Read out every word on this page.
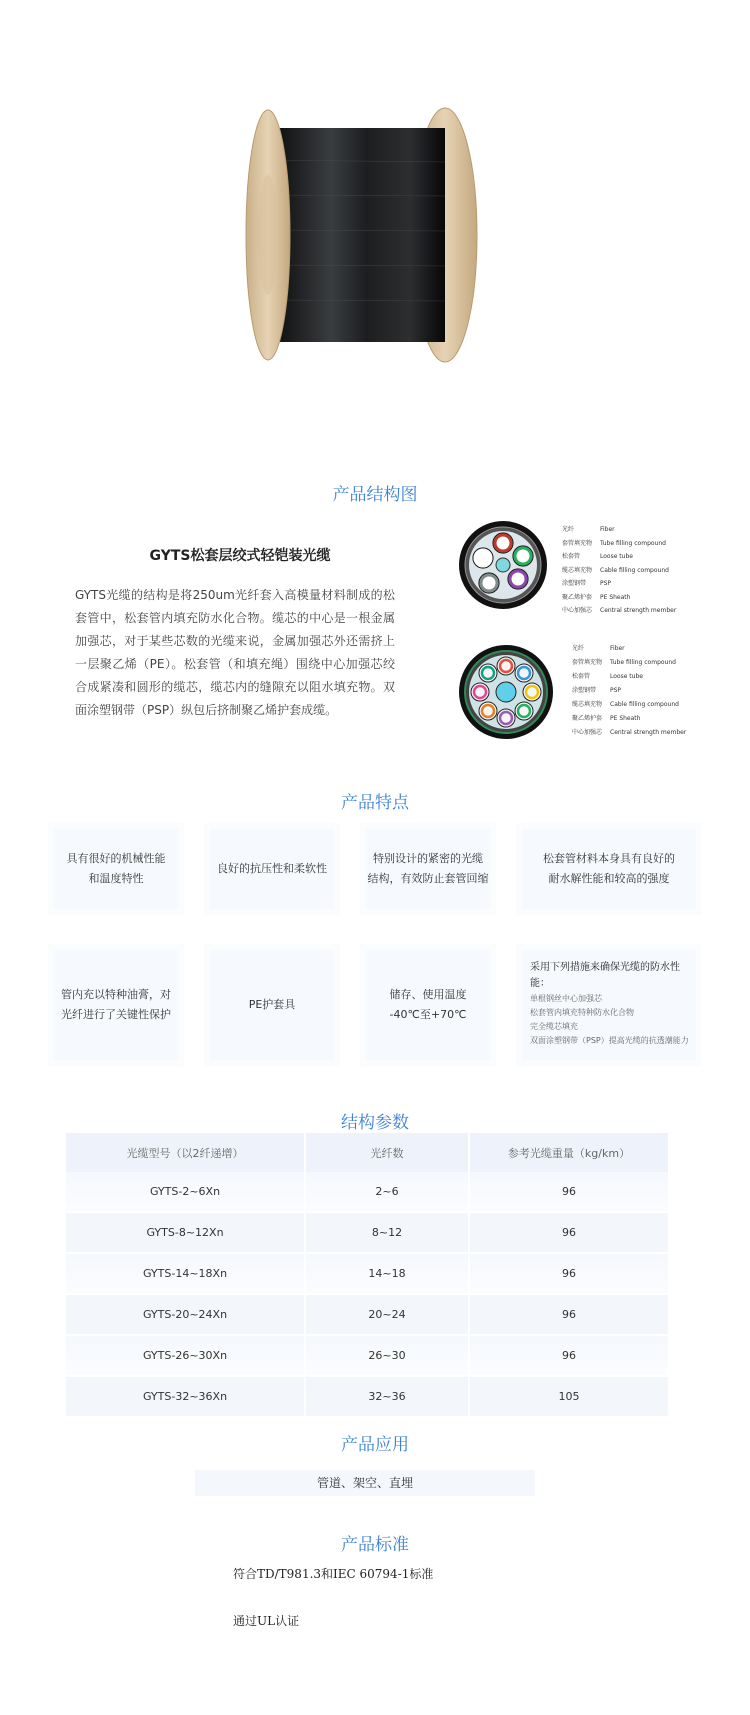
产品结构图
GYTS松套层绞式轻铠装光缆
GYTS光缆的结构是将250um光纤套入高模量材料制成的松套管中，松套管内填充防水化合物。缆芯的中心是一根金属加强芯，对于某些芯数的光缆来说，金属加强芯外还需挤上一层聚乙烯（PE）。松套管（和填充绳）围绕中心加强芯绞合成紧凑和圆形的缆芯，缆芯内的缝隙充以阻水填充物。双面涂塑钢带（PSP）纵包后挤制聚乙烯护套成缆。
光纤	Fiber
套管填充物 Tube filling compound
松套管	Loose tube
缆芯填充物 Cable filling compound
涂塑钢带 PSP
聚乙烯护套 PE Sheath
中心加强芯 Central strength member
光纤	Fiber
套管填充物 Tube filling compound
松套管	Loose tube
涂塑钢带 PSP
缆芯填充物 Cable filling compound
聚乙烯护套 PE Sheath
中心加强芯 Central strength member
产品特点
具有很好的机械性能
和温度特性
良好的抗压性和柔软性
特别设计的紧密的光缆
结构，有效防止套管回缩
松套管材料本身具有良好的
耐水解性能和较高的强度
管内充以特种油膏，对
光纤进行了关键性保护
PE护套具
储存、使用温度
-40℃至+70℃
采用下列措施来确保光缆的防水性能：
单根钢丝中心加强芯
松套管内填充特种防水化合物
完全缆芯填充
双面涂塑钢带（PSP）提高光缆的抗透潮能力
结构参数
光缆型号（以2纤递增）	光纤数	参考光缆重量（kg/km）
GYTS-2~6Xn	2~6	96
GYTS-8~12Xn	8~12	96
GYTS-14~18Xn	14~18	96
GYTS-20~24Xn	20~24	96
GYTS-26~30Xn	26~30	96
GYTS-32~36Xn	32~36	105
产品应用
管道、架空、直埋
产品标准
符合TD/T981.3和IEC 60794-1标准
通过UL认证
